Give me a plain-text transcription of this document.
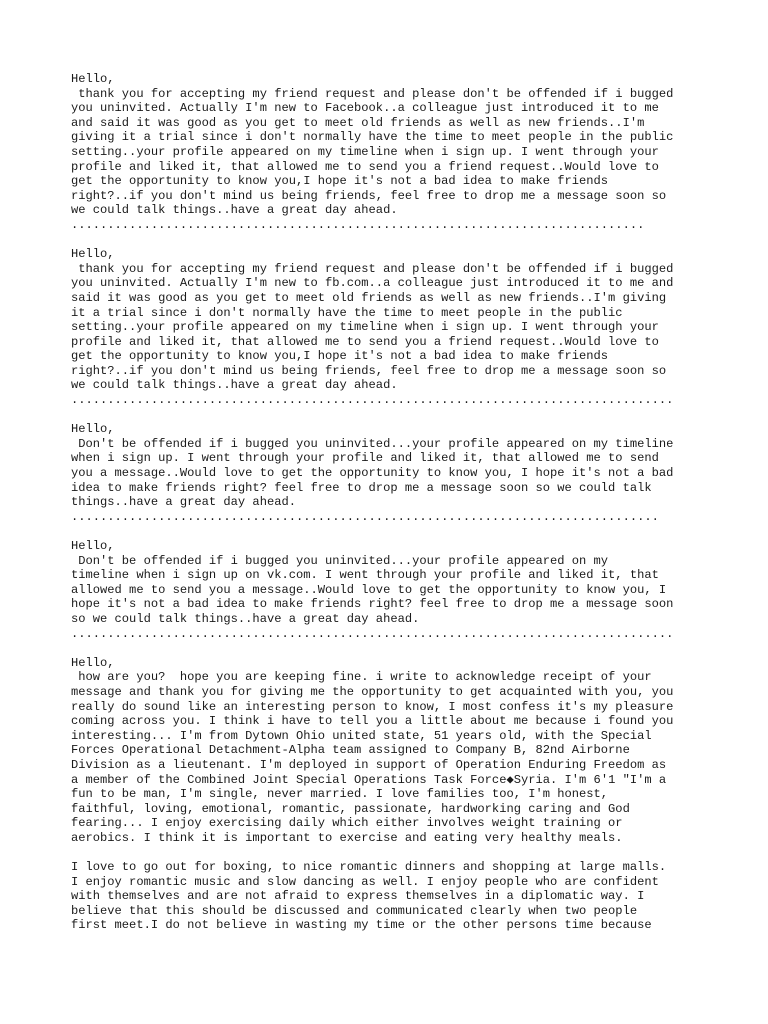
Hello,
thank you for accepting my friend request and please don't be offended if i bugged
you uninvited. Actually I'm new to Facebook..a colleague just introduced it to me
and said it was good as you get to meet old friends as well as new friends..I'm
giving it a trial since i don't normally have the time to meet people in the public
setting..your profile appeared on my timeline when i sign up. I went through your
profile and liked it, that allowed me to send you a friend request..Would love to
get the opportunity to know you,I hope it's not a bad idea to make friends
right?..if you don't mind us being friends, feel free to drop me a message soon so
we could talk things..have a great day ahead.
...............................................................................
Hello,
thank you for accepting my friend request and please don't be offended if i bugged
you uninvited. Actually I'm new to fb.com..a colleague just introduced it to me and
said it was good as you get to meet old friends as well as new friends..I'm giving
it a trial since i don't normally have the time to meet people in the public
setting..your profile appeared on my timeline when i sign up. I went through your
profile and liked it, that allowed me to send you a friend request..Would love to
get the opportunity to know you,I hope it's not a bad idea to make friends
right?..if you don't mind us being friends, feel free to drop me a message soon so
we could talk things..have a great day ahead.
...................................................................................
Hello,
Don't be offended if i bugged you uninvited...your profile appeared on my timeline
when i sign up. I went through your profile and liked it, that allowed me to send
you a message..Would love to get the opportunity to know you, I hope it's not a bad
idea to make friends right? feel free to drop me a message soon so we could talk
things..have a great day ahead.
.................................................................................
Hello,
Don't be offended if i bugged you uninvited...your profile appeared on my
timeline when i sign up on vk.com. I went through your profile and liked it, that
allowed me to send you a message..Would love to get the opportunity to know you, I
hope it's not a bad idea to make friends right? feel free to drop me a message soon
so we could talk things..have a great day ahead.
...................................................................................
Hello,
how are you?  hope you are keeping fine. i write to acknowledge receipt of your
message and thank you for giving me the opportunity to get acquainted with you, you
really do sound like an interesting person to know, I most confess it's my pleasure
coming across you. I think i have to tell you a little about me because i found you
interesting... I'm from Dytown Ohio united state, 51 years old, with the Special
Forces Operational Detachment-Alpha team assigned to Company B, 82nd Airborne
Division as a lieutenant. I'm deployed in support of Operation Enduring Freedom as
a member of the Combined Joint Special Operations Task Force◆Syria. I'm 6'1 "I'm a
fun to be man, I'm single, never married. I love families too, I'm honest,
faithful, loving, emotional, romantic, passionate, hardworking caring and God
fearing... I enjoy exercising daily which either involves weight training or
aerobics. I think it is important to exercise and eating very healthy meals.
I love to go out for boxing, to nice romantic dinners and shopping at large malls.
I enjoy romantic music and slow dancing as well. I enjoy people who are confident
with themselves and are not afraid to express themselves in a diplomatic way. I
believe that this should be discussed and communicated clearly when two people
first meet.I do not believe in wasting my time or the other persons time because
